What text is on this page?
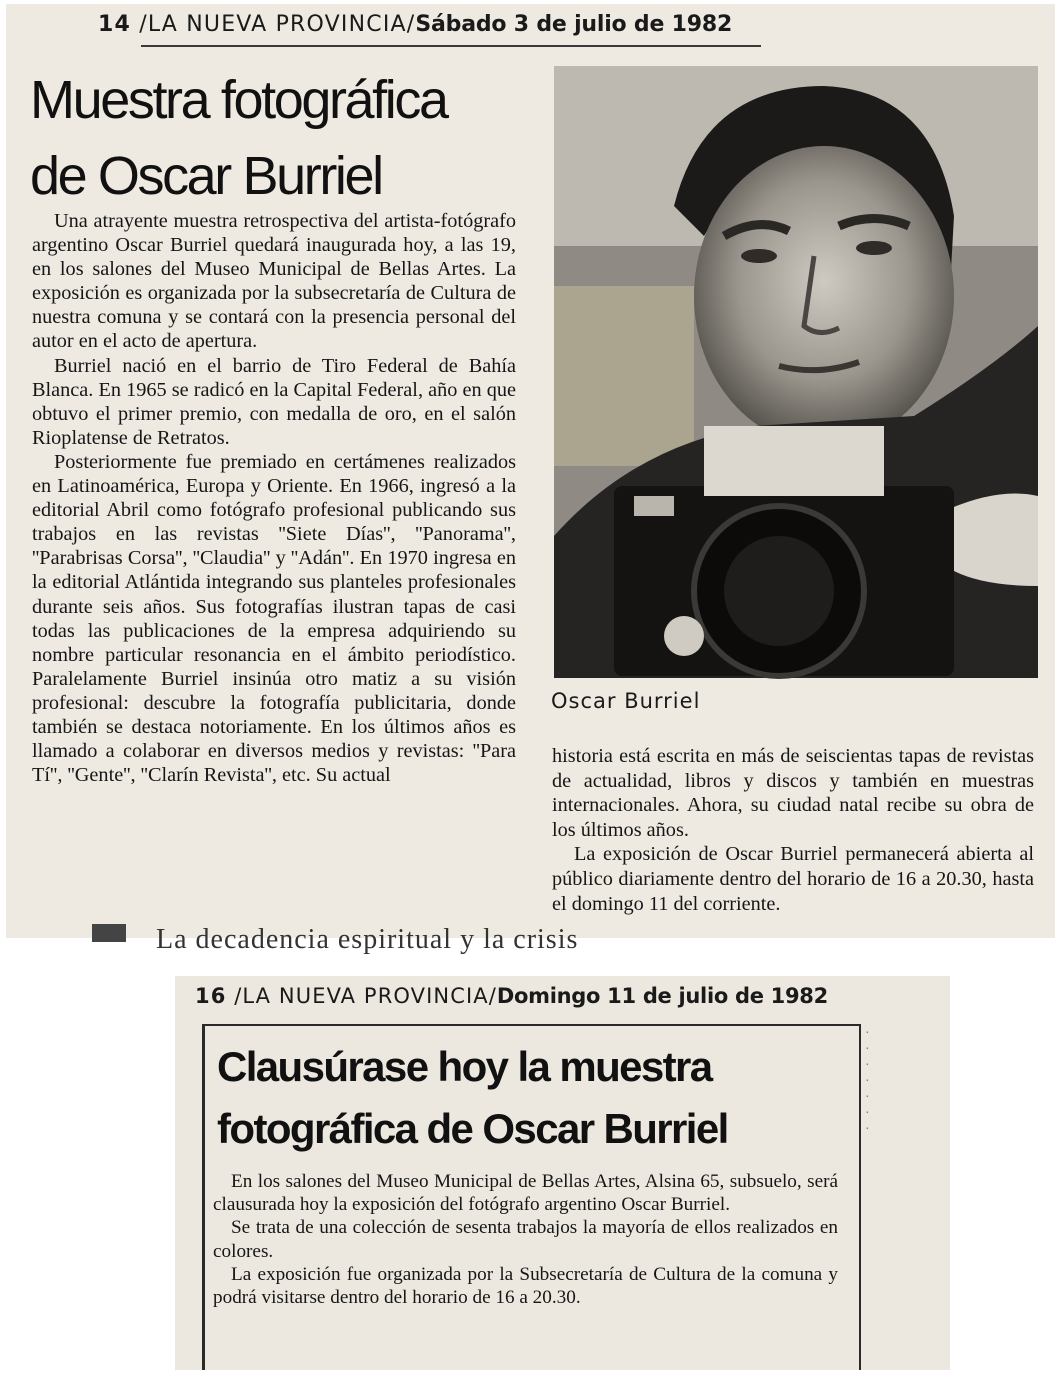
14 /LA NUEVA PROVINCIA/Sábado 3 de julio de 1982
Muestra fotográfica
de Oscar Burriel

Una atrayente muestra retrospectiva del artista-fotógrafo argentino Oscar Burriel quedará inaugurada hoy, a las 19, en los salones del Museo Municipal de Bellas Artes. La exposición es organizada por la subsecretaría de Cultura de nuestra comuna y se contará con la presencia personal del autor en el acto de apertura.

Burriel nació en el barrio de Tiro Federal de Bahía Blanca. En 1965 se radicó en la Capital Federal, año en que obtuvo el primer premio, con medalla de oro, en el salón Rioplatense de Retratos.

Posteriormente fue premiado en certámenes realizados en Latinoamérica, Europa y Oriente. En 1966, ingresó a la editorial Abril como fotógrafo profesional publicando sus trabajos en las revistas ''Siete Días'', ''Panorama'', ''Parabrisas Corsa'', ''Claudia'' y ''Adán''. En 1970 ingresa en la editorial Atlántida integrando sus planteles profesionales durante seis años. Sus fotografías ilustran tapas de casi todas las publicaciones de la empresa adquiriendo su nombre particular resonancia en el ámbito periodístico. Paralelamente Burriel insinúa otro matiz a su visión profesional: descubre la fotografía publicitaria, donde también se destaca notoriamente. En los últimos años es llamado a colaborar en diversos medios y revistas: ''Para Tí'', ''Gente'', ''Clarín Revista'', etc. Su actual

Oscar Burriel

historia está escrita en más de seiscientas tapas de revistas de actualidad, libros y discos y también en muestras internacionales. Ahora, su ciudad natal recibe su obra de los últimos años.

La exposición de Oscar Burriel permanecerá abierta al público diariamente dentro del horario de 16 a 20.30, hasta el domingo 11 del corriente.

La decadencia espiritual y la crisis
16 /LA NUEVA PROVINCIA/Domingo 11 de julio de 1982
Clausúrase hoy la muestra
fotográfica de Oscar Burriel

En los salones del Museo Municipal de Bellas Artes, Alsina 65, subsuelo, será clausurada hoy la exposición del fotógrafo argentino Oscar Burriel.

Se trata de una colección de sesenta trabajos la mayoría de ellos realizados en colores.

La exposición fue organizada por la Subsecretaría de Cultura de la comuna y podrá visitarse dentro del horario de 16 a 20.30.

·
·
·
·
·
·
·
